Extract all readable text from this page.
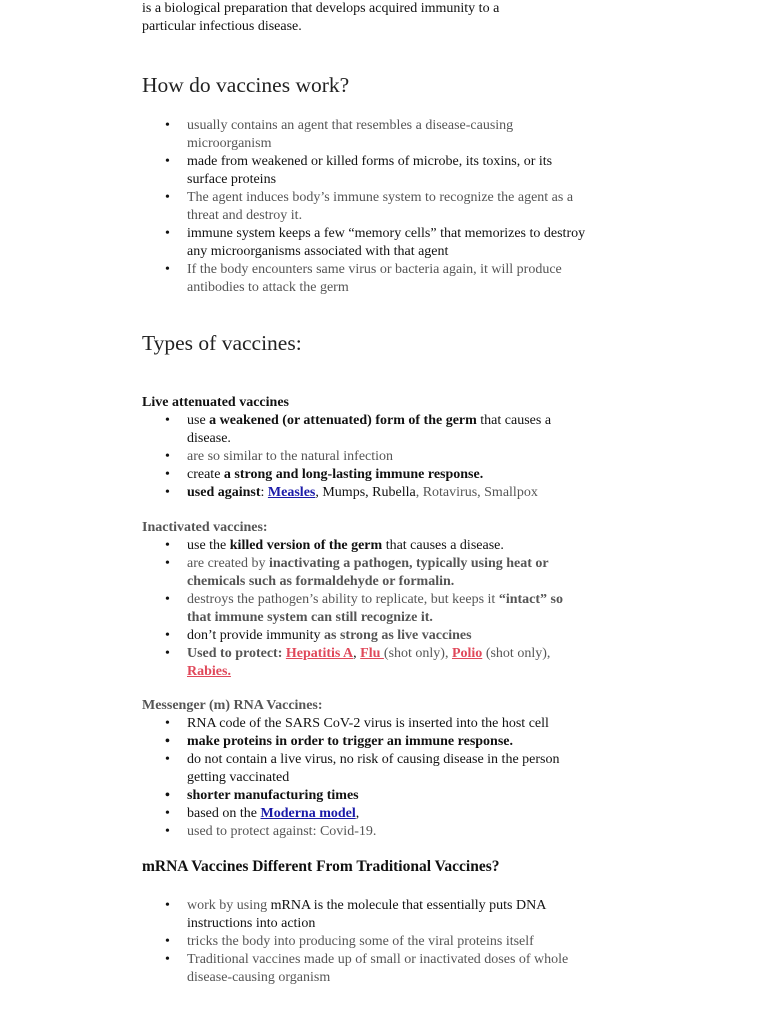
is a biological preparation that develops acquired immunity to a

particular infectious disease.

How do vaccines work?
• usually contains an agent that resembles a disease-causing
microorganism
• made from weakened or killed forms of microbe, its toxins, or its
surface proteins
• The agent induces body’s immune system to recognize the agent as a
threat and destroy it.
• immune system keeps a few “memory cells” that memorizes to destroy
any microorganisms associated with that agent
• If the body encounters same virus or bacteria again, it will produce
antibodies to attack the germ
Types of vaccines:

Live attenuated vaccines

• use a weakened (or attenuated) form of the germ that causes a
disease.
• are so similar to the natural infection
• create a strong and long-lasting immune response.
• used against: Measles, Mumps, Rubella, Rotavirus, Smallpox

Inactivated vaccines:

• use the killed version of the germ that causes a disease.
• are created by inactivating a pathogen, typically using heat or
chemicals such as formaldehyde or formalin.
• destroys the pathogen’s ability to replicate, but keeps it “intact” so
that immune system can still recognize it.
• don’t provide immunity as strong as live vaccines
• Used to protect: Hepatitis A, Flu (shot only), Polio (shot only),
Rabies.

Messenger (m) RNA Vaccines:

• RNA code of the SARS CoV-2 virus is inserted into the host cell
• make proteins in order to trigger an immune response.
• do not contain a live virus, no risk of causing disease in the person
getting vaccinated
• shorter manufacturing times
• based on the Moderna model,
• used to protect against: Covid-19.
mRNA Vaccines Different From Traditional Vaccines?
• work by using mRNA is the molecule that essentially puts DNA
instructions into action
• tricks the body into producing some of the viral proteins itself
• Traditional vaccines made up of small or inactivated doses of whole
disease-causing organism
